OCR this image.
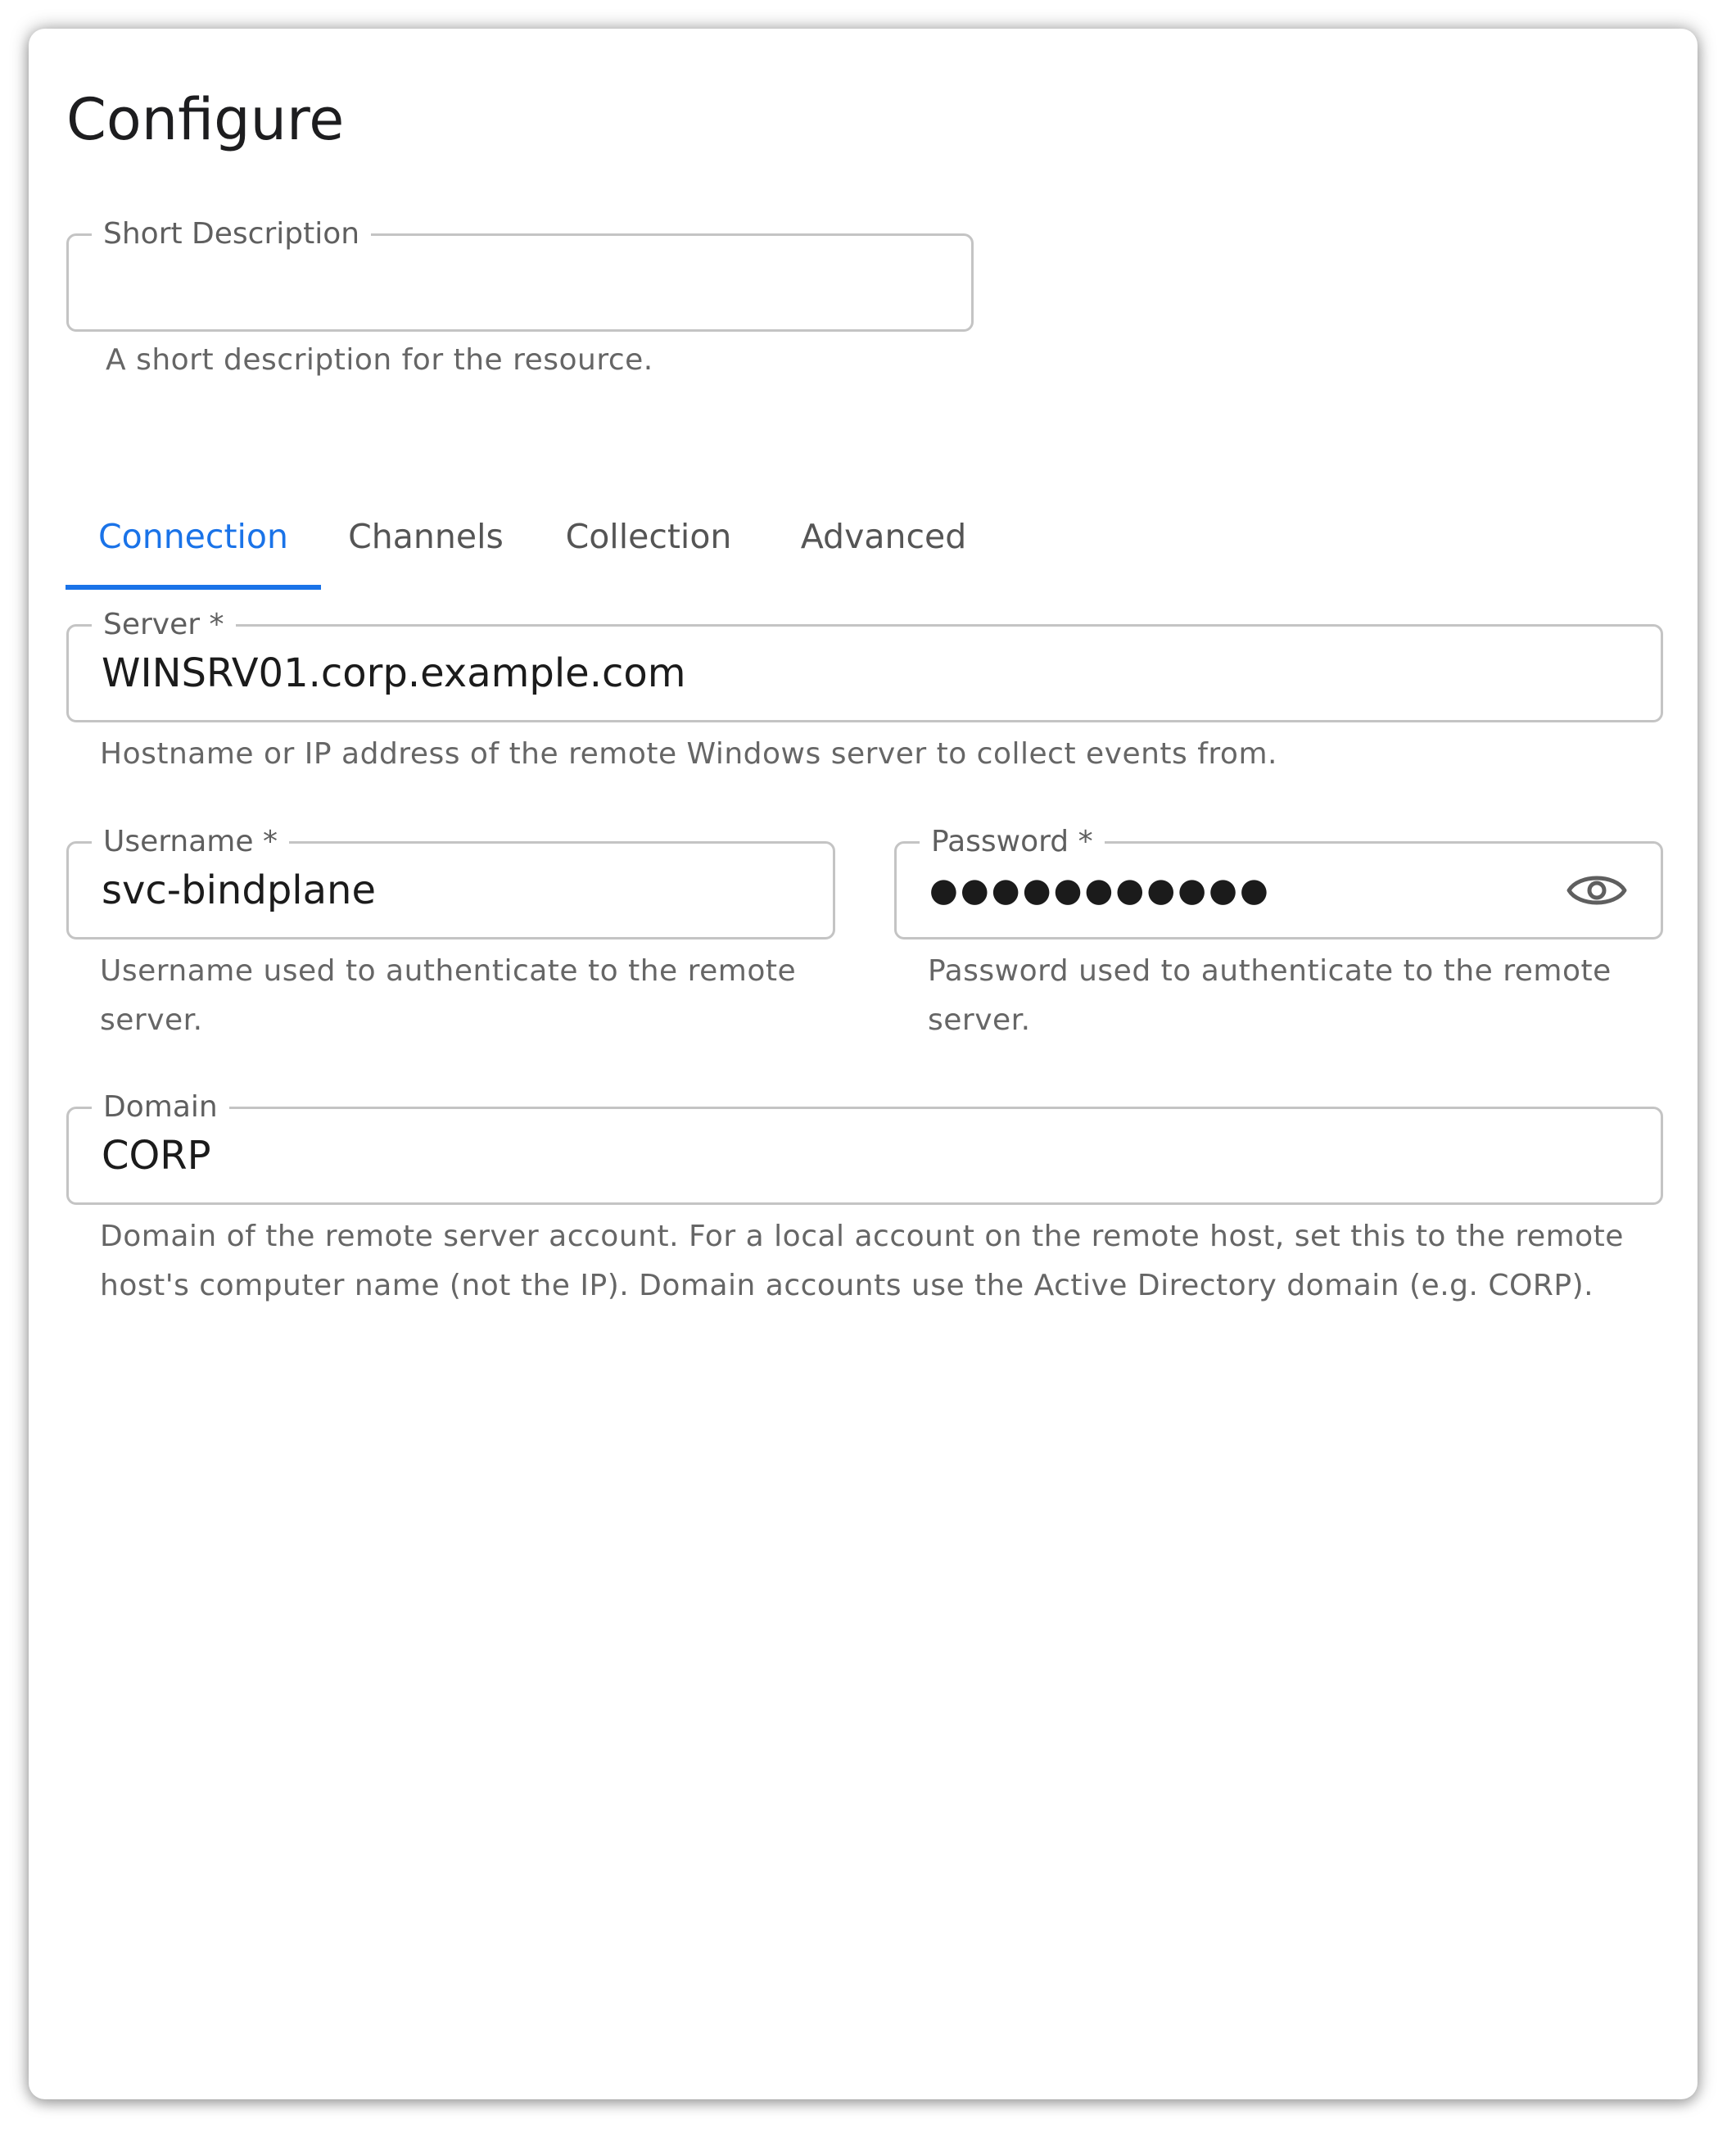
Configure
Short Description
A short description for the resource.
Connection	Channels	Collection	Advanced
Server *
WINSRV01.corp.example.com
Hostname or IP address of the remote Windows server to collect events from.
Username *
svc-bindplane
Username used to authenticate to the remote server.
Password *
●●●●●●●●●●●
Password used to authenticate to the remote server.
Domain
CORP
Domain of the remote server account. For a local account on the remote host, set this to the remote host's computer name (not the IP). Domain accounts use the Active Directory domain (e.g. CORP).
